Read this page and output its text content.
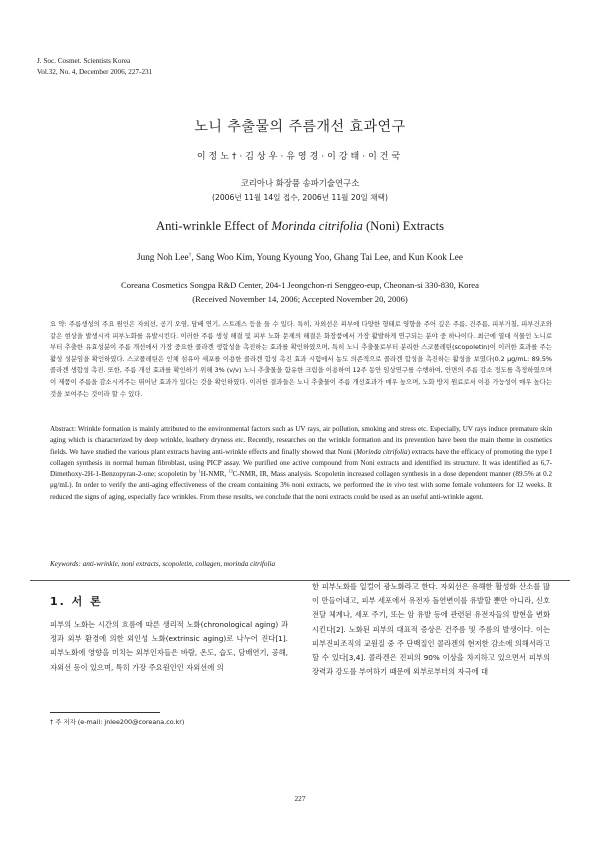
J. Soc. Cosmet. Scientists Korea
Vol.32, No. 4, December 2006, 227-231
노니 추출물의 주름개선 효과연구
이정노†·김상우·유영경·이강태·이건국
코리아나 화장품 송파기술연구소
(2006년 11월 14일 접수, 2006년 11월 20일 채택)
Anti-wrinkle Effect of Morinda citrifolia (Noni) Extracts
Jung Noh Lee†, Sang Woo Kim, Young Kyoung Yoo, Ghang Tai Lee, and Kun Kook Lee
Coreana Cosmetics Songpa R&D Center, 204-1 Jeongchon-ri Senggeo-eup, Cheonan-si 330-830, Korea
(Received November 14, 2006; Accepted November 20, 2006)

요 약: 주름생성의 주요 원인은 자외선, 공기 오염, 담배 연기, 스트레스 등을 들 수 있다. 특히, 자외선은 피부에 다양한 형태로 영향을 주어 깊은 주름, 건주름, 피부거칠, 피부건조와 같은 현상을 발생시켜 피부노화를 유발시킨다. 이러한 주름 생성 해결 및 피부 노화 문제의 해결은 화장품에서 가장 활발하게 연구되는 분야 중 하나이다. 최근에 열대 식물인 노니로부터 추출한 유효성분이 주름 개선에서 가장 중요한 콜라겐 생합성을 촉진하는 효과를 확인하였으며, 특히 노니 추출물로부터 분리한 스코폴레틴(scopoletin)이 이러한 효과를 주는 활성 성분임을 확인하였다. 스코폴레틴은 인체 섬유아 세포를 이용한 콜라겐 합성 촉진 효과 시험에서 농도 의존적으로 콜라겐 합성을 촉진하는 활성을 보였다(0.2 μg/mL: 89.5% 콜라겐 생합성 촉진. 또한, 주름 개선 효과를 확인하기 위해 3% (v/v) 노니 추출물을 함유한 크림을 이용하여 12주 동안 임상연구를 수행하여, 안면의 주름 감소 정도를 측정하였으며 이 제품이 주름을 감소시켜주는 뛰어난 효과가 있다는 것을 확인하였다. 이러한 결과들은 노니 추출물이 주름 개선효과가 매우 높으며, 노화 방지 원료로서 이용 가능성이 매우 높다는 것을 보여주는 것이라 할 수 있다.

Abstract: Wrinkle formation is mainly attributed to the environmental factors such as UV rays, air pollution, smoking and stress etc. Especially, UV rays induce premature skin aging which is characterized by deep wrinkle, leathery dryness etc. Recently, researches on the wrinkle formation and its prevention have been the main theme in cosmetics fields. We have studied the various plant extracts having anti-wrinkle effects and finally showed that Noni (Morinda citrifolia) extracts have the efficacy of promoting the type I collagen synthesis in normal human fibroblast, using PICP assay. We purified one active compound from Noni extracts and identified its structure. It was identified as 6,7-Dimethoxy-2H-1-Benzopyran-2-one; scopoletin by $^1$H-NMR, $^{13}$C-NMR, IR, Mass analysis. Scopoletin increased collagen synthesis in a dose dependent manner (89.5% at 0.2 μg/mL). In order to verify the anti-aging effectiveness of the cream containing 3% noni extracts, we performed the in vivo test with some female volunteers for 12 weeks. It reduced the signs of aging, especially face wrinkles. From these results, we conclude that the noni extracts could be used as an useful anti-wrinkle agent.

Keywords: anti-wrinkle, noni extracts, scopoletin, collagen, morinda citrifolia
1. 서 론

피부의 노화는 시간의 흐름에 따른 생리적 노화(chronological aging) 과정과 외부 환경에 의한 외인성 노화(extrinsic aging)로 나누어 진다[1]. 피부노화에 영향을 미치는 외부인자들은 바람, 온도, 습도, 담배연기, 공해, 자외선 등이 있으며, 특히 가장 주요원인인 자외선에 의

한 피부노화를 일컬어 광노화라고 한다. 자외선은 유해한 활성화 산소를 많이 만들어내고, 피부 세포에서 유전자 돌연변이를 유발할 뿐만 아니라, 신호 전달 체계나, 세포 주기, 또는 암 유발 등에 관련된 유전자들의 발현을 변화시킨다[2]. 노화된 피부의 대표적 증상은 건주름 및 주름의 발생이다. 이는 피부진피조직의 교원질 중 주 단백질인 콜라겐의 현저한 감소에 의해서라고 할 수 있다[3,4]. 콜라겐은 진피의 90% 이상을 차지하고 있으면서 피부의 장력과 강도를 부여하기 때문에 외부로부터의 자극에 대

† 주 저자 (e-mail: jnlee200@coreana.co.kr)
227
